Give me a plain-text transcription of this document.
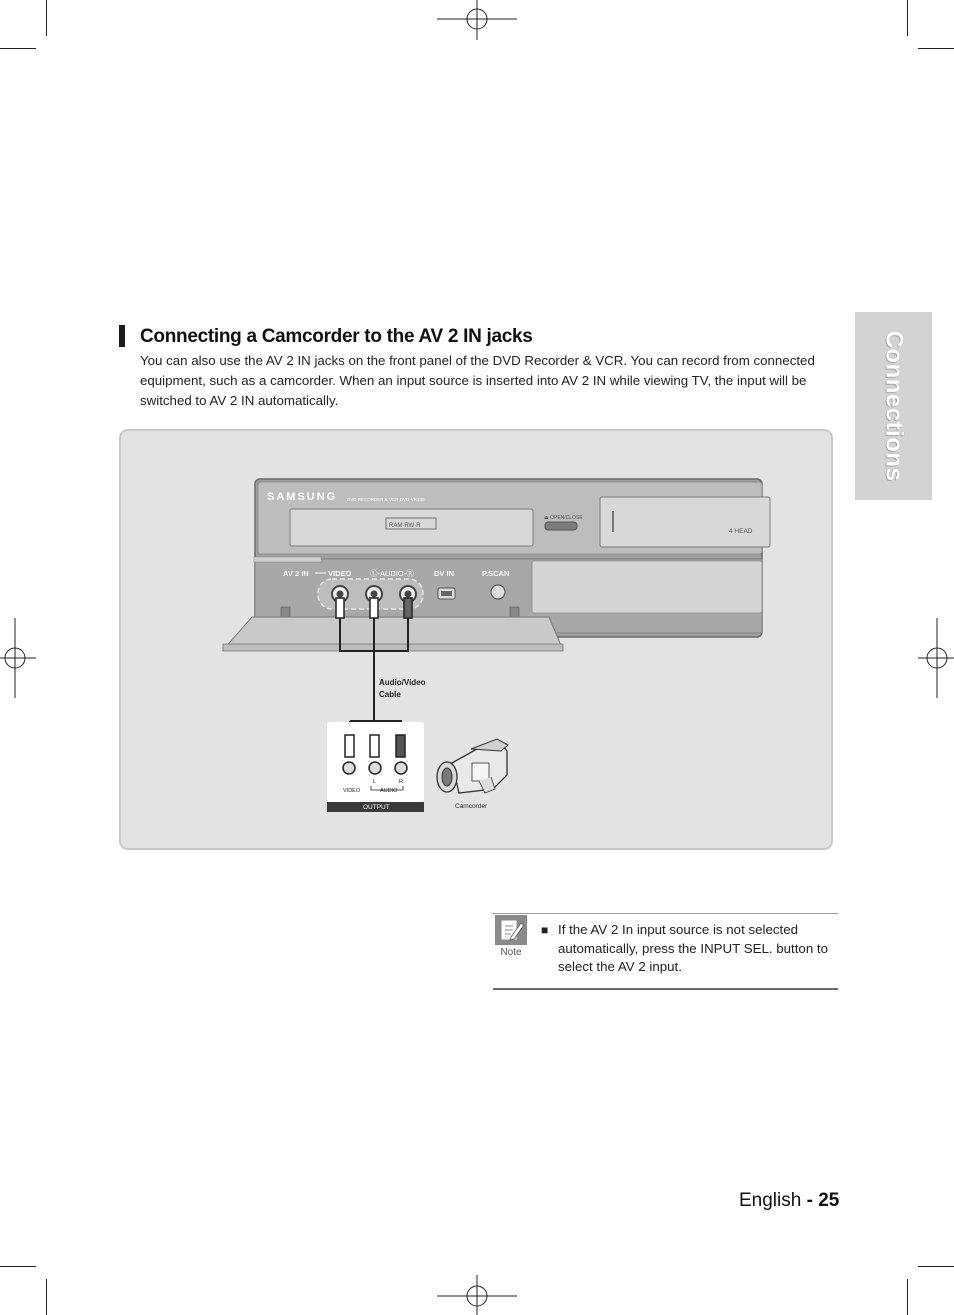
Connections
Connecting a Camcorder to the AV 2 IN jacks
You can also use the AV 2 IN jacks on the front panel of the DVD Recorder & VCR. You can record from connected equipment, such as a camcorder. When an input source is inserted into AV 2 IN while viewing TV, the input will be switched to AV 2 IN automatically.
SAMSUNG DVD RECORDER & VCR DVD-VR330
RAM·RW·R
⏏ OPEN/CLOSE
4 HEAD
AV 2 IN	VIDEO Ⓛ-AUDIO-Ⓡ	DV IN	P.SCAN
Audio/Video
Cable
VIDEO
L	R
AUDIO
OUTPUT	Camcorder
Note
■ If the AV 2 In input source is not selected automatically, press the INPUT SEL. button to select the AV 2 input.
English - 25
